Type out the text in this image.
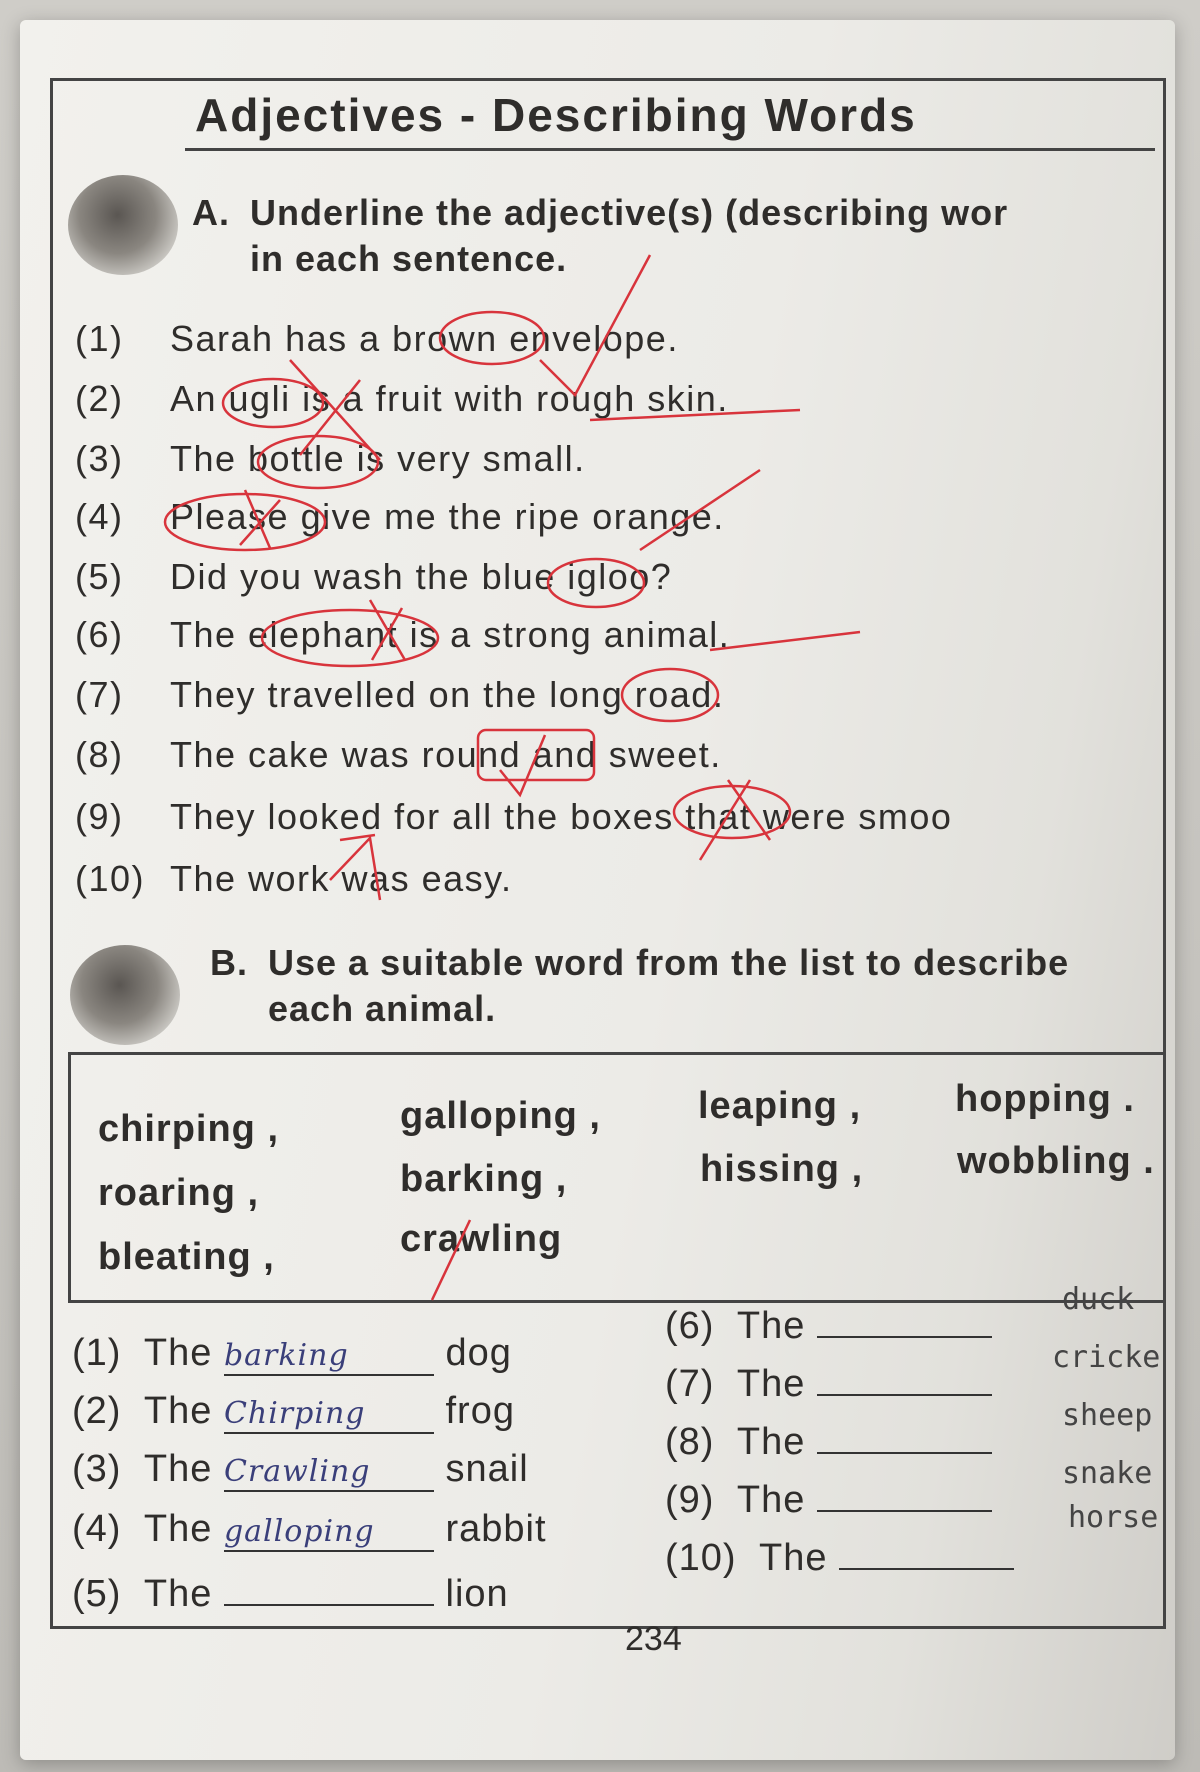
Adjectives - Describing Words
A. Underline the adjective(s) (describing wor
in each sentence.
(1) Sarah has a brown envelope.
(2) An ugli is a fruit with rough skin.
(3) The bottle is very small.
(4) Please give me the ripe orange.
(5) Did you wash the blue igloo?
(6) The elephant is a strong animal.
(7) They travelled on the long road.
(8) The cake was round and sweet.
(9) They looked for all the boxes that were smoo
(10) The work was easy.
B. Use a suitable word from the list to describe
each animal.
chirping ,	galloping ,	leaping , hopping .
roaring ,	barking ,	hissing , wobbling .
bleating ,	crawling
(1) The barking	dog
(2) The Chirping frog
(3) The Crawling snail
(4) The galloping rabbit
(5) The	lion
(6) The
duck
(7) The
cricke
(8) The
sheep
(9) The
snake
(10) The
horse
234
